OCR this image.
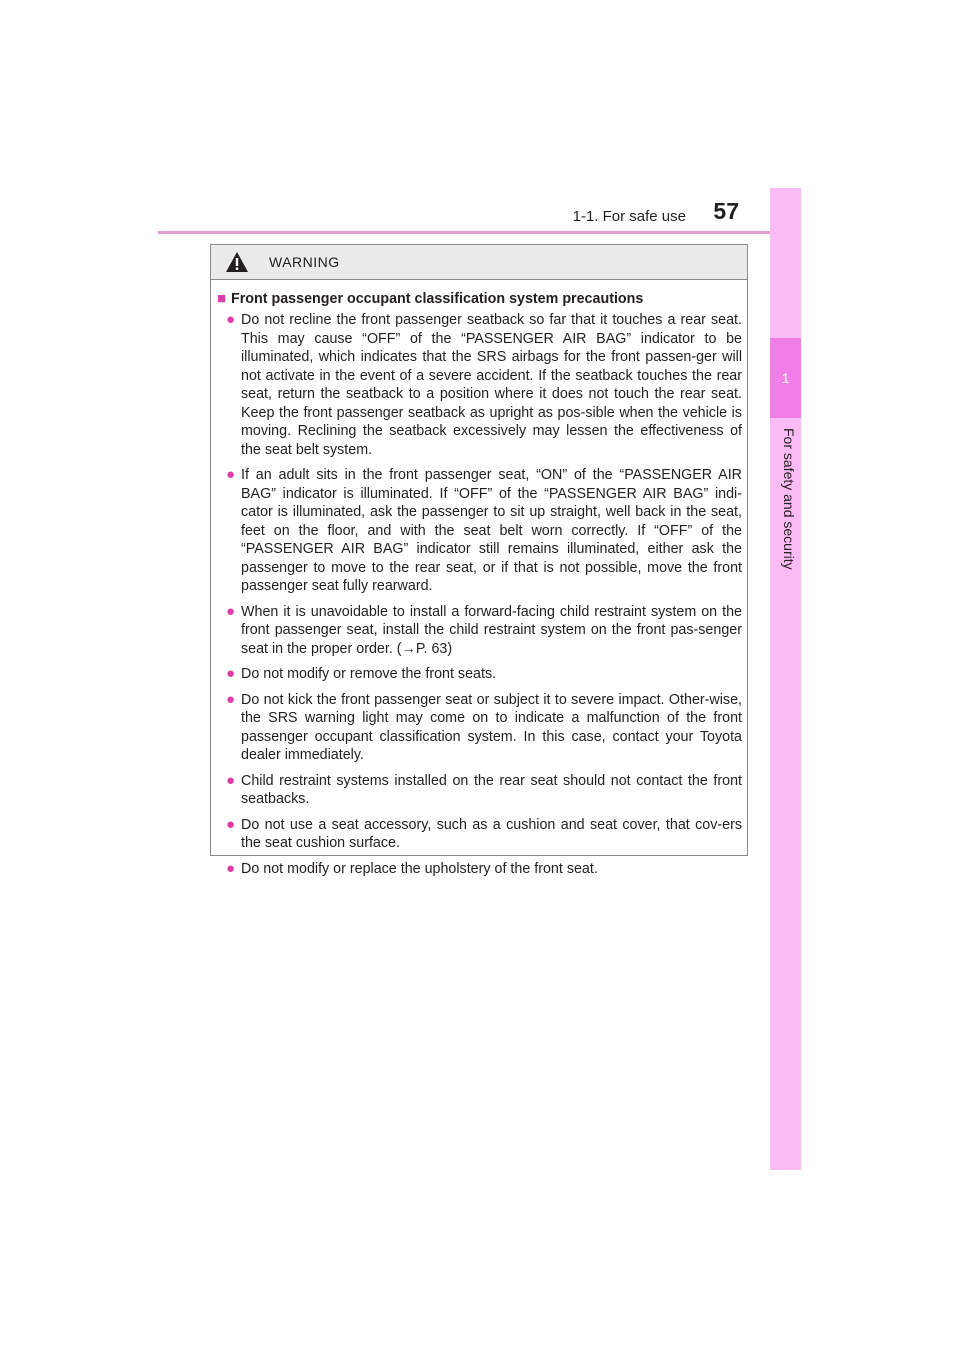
1-1. For safe use	57
1
For safety and security
WARNING
■ Front passenger occupant classification system precautions
● Do not recline the front passenger seatback so far that it touches a rear seat. This may cause “OFF” of the “PASSENGER AIR BAG” indicator to be illuminated, which indicates that the SRS airbags for the front passen-ger will not activate in the event of a severe accident. If the seatback touches the rear seat, return the seatback to a position where it does not touch the rear seat. Keep the front passenger seatback as upright as pos-sible when the vehicle is moving. Reclining the seatback excessively may lessen the effectiveness of the seat belt system.
● If an adult sits in the front passenger seat, “ON” of the “PASSENGER AIR BAG” indicator is illuminated. If “OFF” of the “PASSENGER AIR BAG” indi-cator is illuminated, ask the passenger to sit up straight, well back in the seat, feet on the floor, and with the seat belt worn correctly. If “OFF” of the “PASSENGER AIR BAG” indicator still remains illuminated, either ask the passenger to move to the rear seat, or if that is not possible, move the front passenger seat fully rearward.
● When it is unavoidable to install a forward-facing child restraint system on the front passenger seat, install the child restraint system on the front pas-senger seat in the proper order. (→P. 63)
● Do not modify or remove the front seats.
● Do not kick the front passenger seat or subject it to severe impact. Other-wise, the SRS warning light may come on to indicate a malfunction of the front passenger occupant classification system. In this case, contact your Toyota dealer immediately.
● Child restraint systems installed on the rear seat should not contact the front seatbacks.
● Do not use a seat accessory, such as a cushion and seat cover, that cov-ers the seat cushion surface.
● Do not modify or replace the upholstery of the front seat.
